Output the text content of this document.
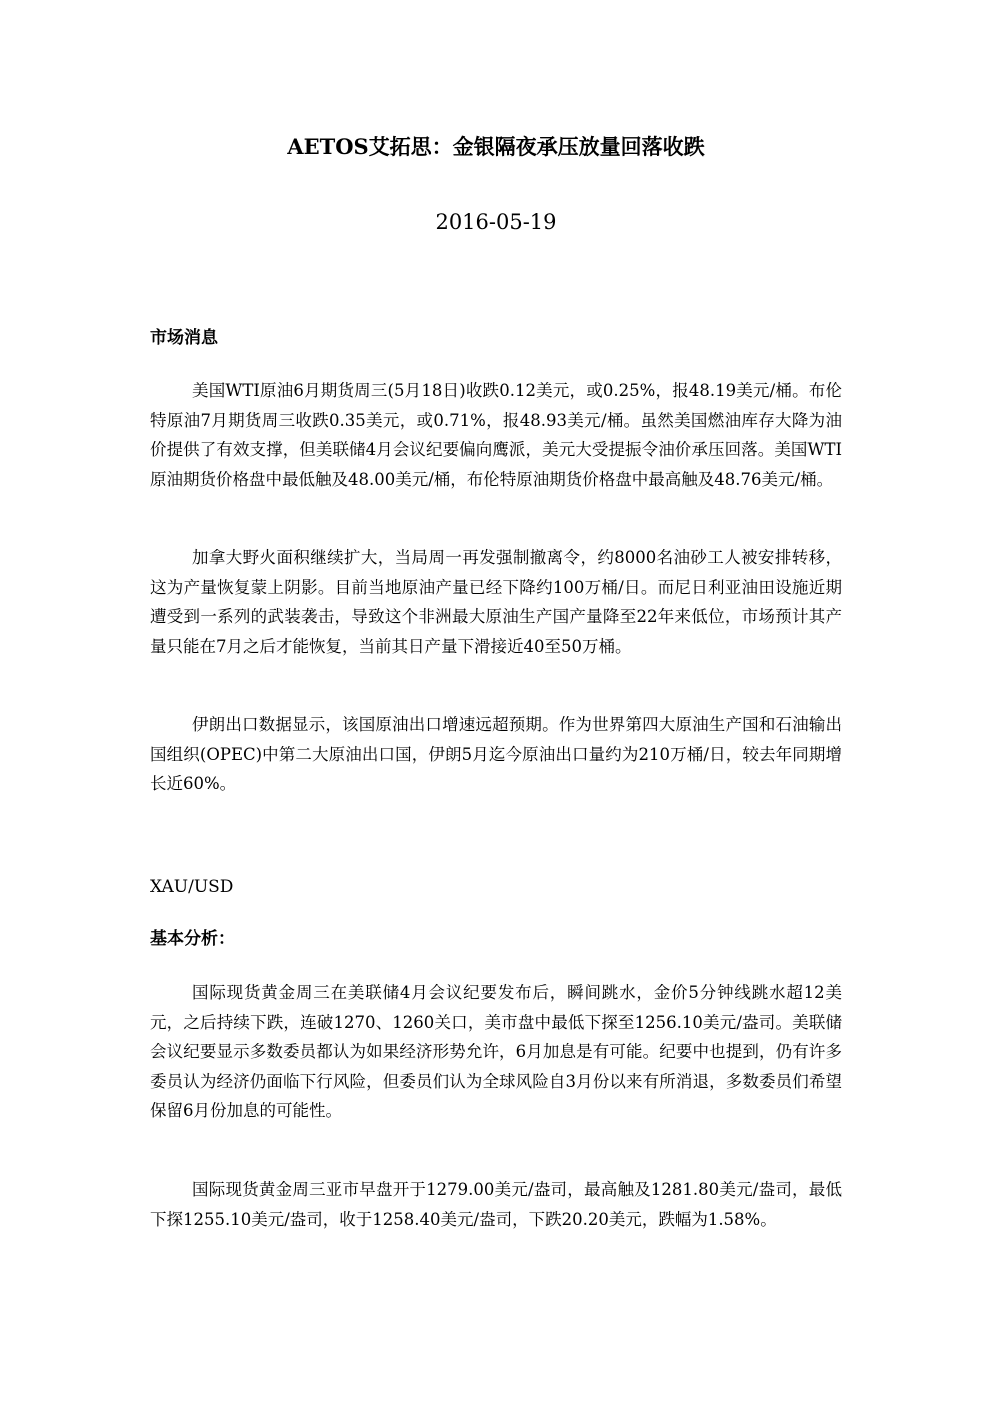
AETOS艾拓思：金银隔夜承压放量回落收跌
2016-05-19
市场消息

美国WTI原油6月期货周三(5月18日)收跌0.12美元，或0.25%，报48.19美元/桶。布伦特原油7月期货周三收跌0.35美元，或0.71%，报48.93美元/桶。虽然美国燃油库存大降为油价提供了有效支撑，但美联储4月会议纪要偏向鹰派，美元大受提振令油价承压回落。美国WTI原油期货价格盘中最低触及48.00美元/桶，布伦特原油期货价格盘中最高触及48.76美元/桶。

加拿大野火面积继续扩大，当局周一再发强制撤离令，约8000名油砂工人被安排转移，这为产量恢复蒙上阴影。目前当地原油产量已经下降约100万桶/日。而尼日利亚油田设施近期遭受到一系列的武装袭击，导致这个非洲最大原油生产国产量降至22年来低位，市场预计其产量只能在7月之后才能恢复，当前其日产量下滑接近40至50万桶。

伊朗出口数据显示，该国原油出口增速远超预期。作为世界第四大原油生产国和石油输出国组织(OPEC)中第二大原油出口国，伊朗5月迄今原油出口量约为210万桶/日，较去年同期增长近60%。

XAU/USD
基本分析：

国际现货黄金周三在美联储4月会议纪要发布后，瞬间跳水，金价5分钟线跳水超12美元，之后持续下跌，连破1270、1260关口，美市盘中最低下探至1256.10美元/盎司。美联储会议纪要显示多数委员都认为如果经济形势允许，6月加息是有可能。纪要中也提到，仍有许多委员认为经济仍面临下行风险，但委员们认为全球风险自3月份以来有所消退，多数委员们希望保留6月份加息的可能性。

国际现货黄金周三亚市早盘开于1279.00美元/盎司，最高触及1281.80美元/盎司，最低下探1255.10美元/盎司，收于1258.40美元/盎司，下跌20.20美元，跌幅为1.58%。
